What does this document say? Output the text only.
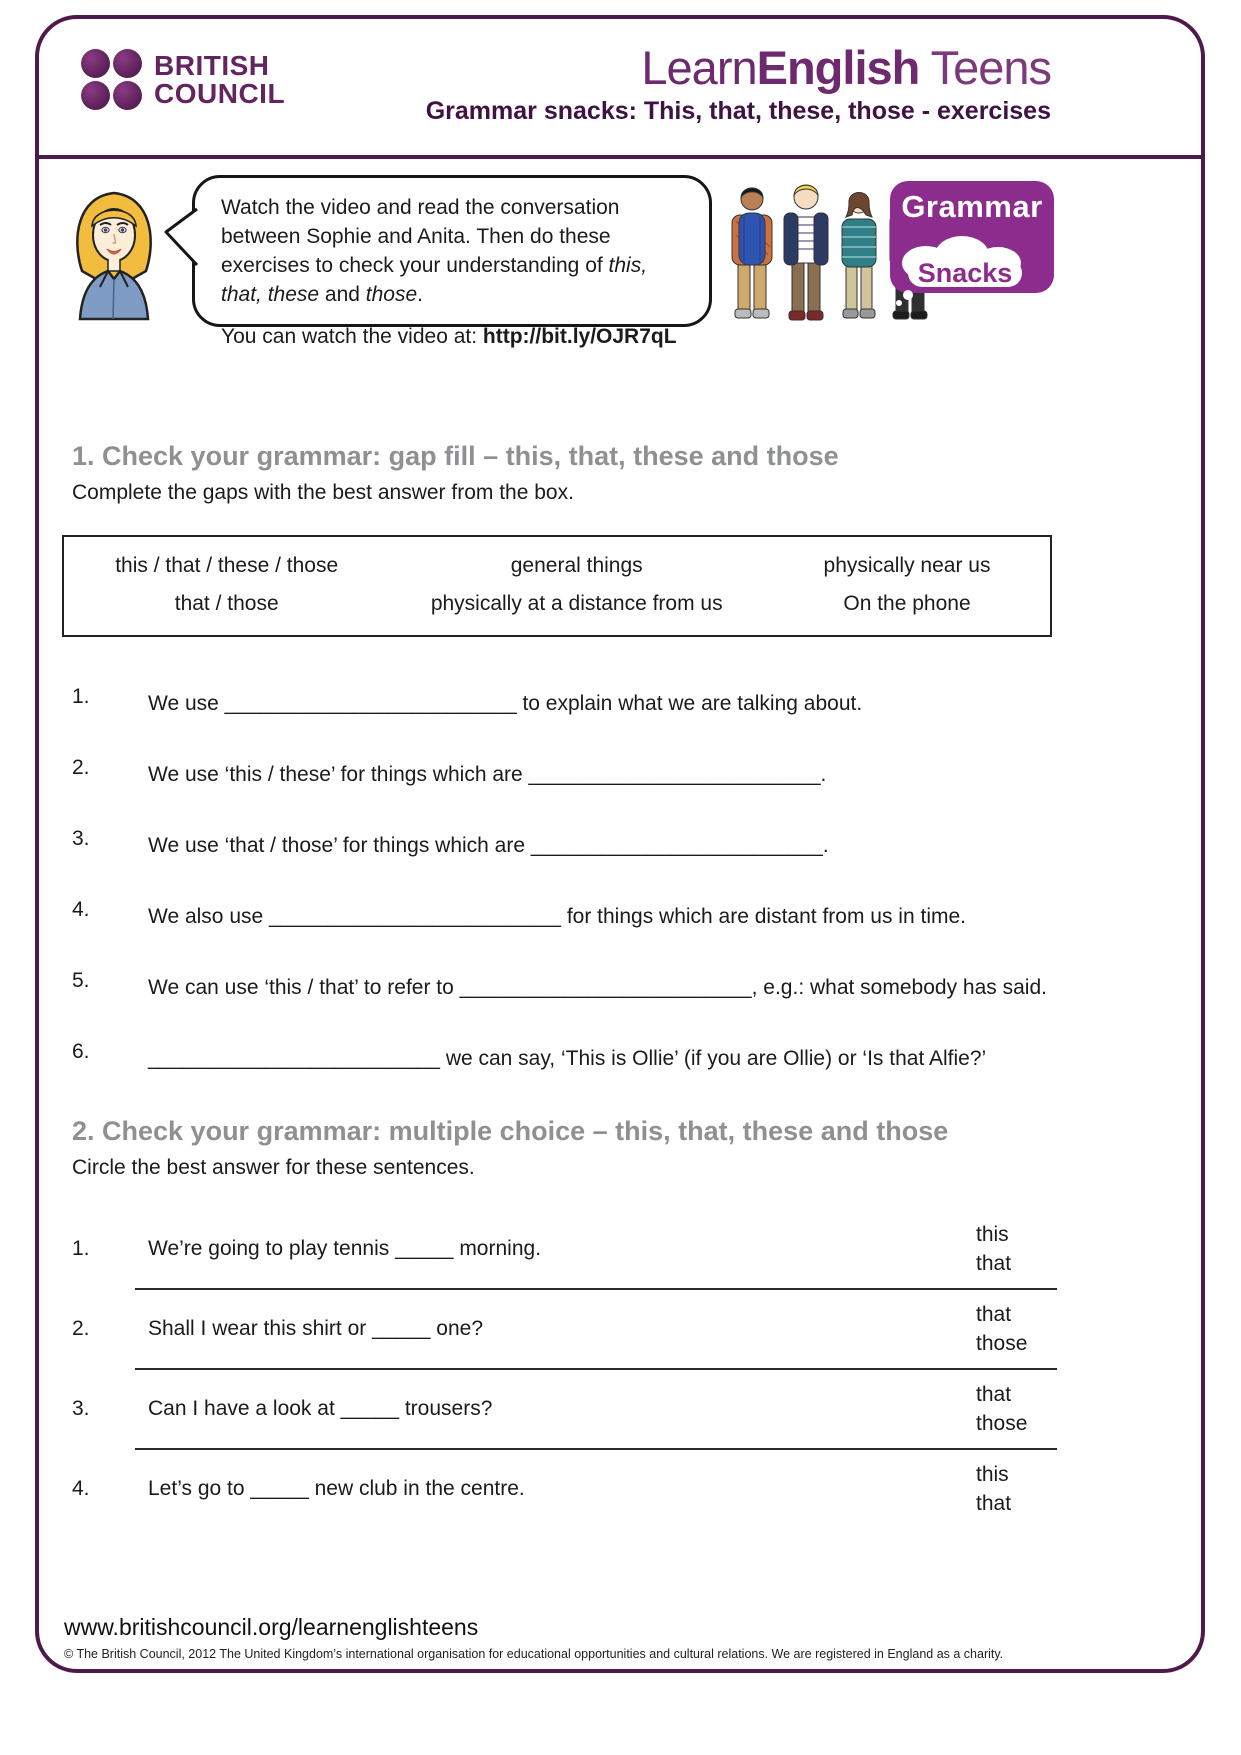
BRITISH
COUNCIL	LearnEnglish Teens
Grammar snacks: This, that, these, those - exercises

Watch the video and read the conversation between Sophie and Anita. Then do these exercises to check your understanding of this, that, these and those.

You can watch the video at: http://bit.ly/OJR7qL

Grammar
Snacks
1. Check your grammar: gap fill – this, that, these and those
Complete the gaps with the best answer from the box.
this / that / these / those	general things	physically near us
that / those	physically at a distance from us	On the phone
1.	We use _________________________ to explain what we are talking about.
2.	We use ‘this / these’ for things which are _________________________.
3.	We use ‘that / those’ for things which are _________________________.
4.	We also use _________________________ for things which are distant from us in time.
5.	We can use ‘this / that’ to refer to _________________________, e.g.: what somebody has said.
6.	_________________________ we can say, ‘This is Ollie’ (if you are Ollie) or ‘Is that Alfie?’
2. Check your grammar: multiple choice – this, that, these and those
Circle the best answer for these sentences.
1.	We’re going to play tennis _____ morning.
this
that
2.	Shall I wear this shirt or _____ one?
that
those
3.	Can I have a look at _____ trousers?
that
those
4.	Let’s go to _____ new club in the centre.
this
that
www.britishcouncil.org/learnenglishteens
© The British Council, 2012 The United Kingdom’s international organisation for educational opportunities and cultural relations. We are registered in England as a charity.
